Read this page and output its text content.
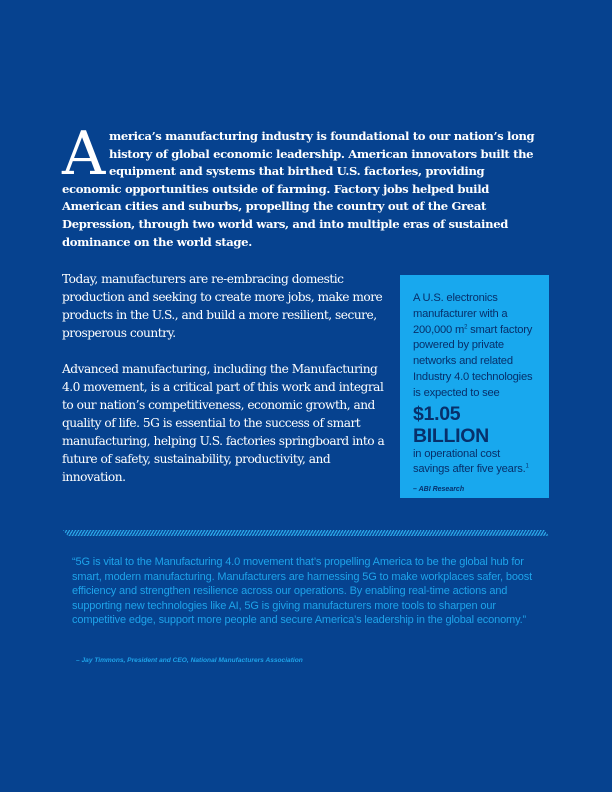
A merica’s manufacturing industry is foundational to our nation’s long history of global economic leadership. American innovators built the equipment and systems that birthed U.S. factories, providing economic opportunities outside of farming. Factory jobs helped build American cities and suburbs, propelling the country out of the Great Depression, through two world wars, and into multiple eras of sustained dominance on the world stage.

Today, manufacturers are re-embracing domestic production and seeking to create more jobs, make more products in the U.S., and build a more resilient, secure, prosperous country.

Advanced manufacturing, including the Manufacturing 4.0 movement, is a critical part of this work and integral to our nation’s competitiveness, economic growth, and quality of life. 5G is essential to the success of smart manufacturing, helping U.S. factories springboard into a future of safety, sustainability, productivity, and innovation.

A U.S. electronics manufacturer with a 200,000 $m^2$ smart factory powered by private networks and related Industry 4.0 technologies is expected to see

$1.05 BILLION

in operational cost savings after five years.$^1$

– ABI Research

“5G is vital to the Manufacturing 4.0 movement that’s propelling America to be the global hub for smart, modern manufacturing. Manufacturers are harnessing 5G to make workplaces safer, boost efficiency and strengthen resilience across our operations. By enabling real-time actions and supporting new technologies like AI, 5G is giving manufacturers more tools to sharpen our competitive edge, support more people and secure America’s leadership in the global economy.”

– Jay Timmons, President and CEO, National Manufacturers Association
